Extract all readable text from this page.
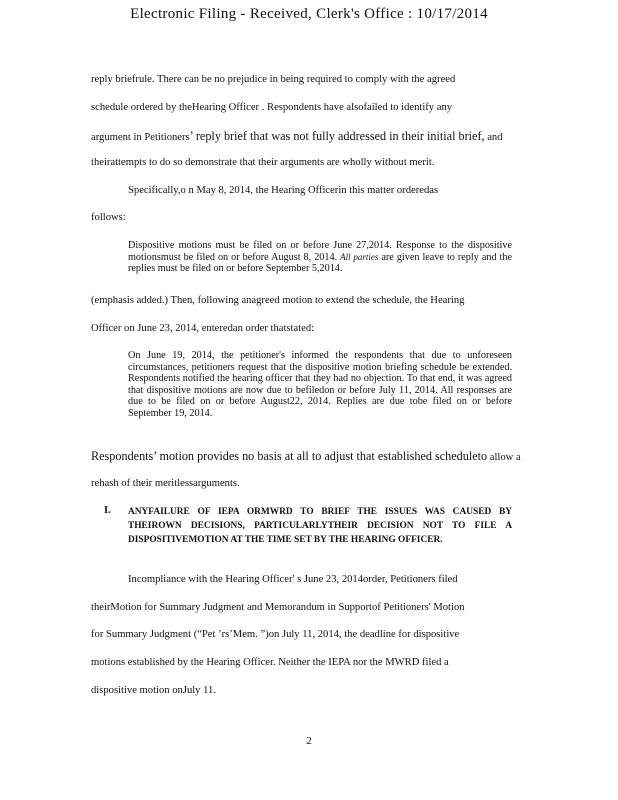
Electronic Filing - Received, Clerk's Office : 10/17/2014
reply briefrule. There can be no prejudice in being required to comply with the agreed
schedule ordered by theHearing Officer . Respondents have alsofailed to identify any
argument in Petitioners’ reply brief that was not fully addressed in their initial brief, and
theirattempts to do so demonstrate that their arguments are wholly without merit.
Specifically,o n May 8, 2014, the Hearing Officerin this matter orderedas
follows:
Dispositive motions must be filed on or before June 27,2014. Response to the dispositive motionsmust be filed on or before August 8, 2014. All parties are given leave to reply and the replies must be filed on or before September 5,2014.
(emphasis added.) Then, following anagreed motion to extend the schedule, the Hearing
Officer on June 23, 2014, enteredan order thatstated:
On June 19, 2014, the petitioner's informed the respondents that due to unforeseen circumstances, petitioners request that the dispositive motion briefing schedule be extended. Respondents notified the hearing officer that they had no objection. To that end, it was agreed that dispositive motions are now due to befiledon or before July 11, 2014. All responses are due to be filed on or before August22, 2014. Replies are due tobe filed on or before September 19, 2014.
Respondents’ motion provides no basis at all to adjust that established scheduleto allow a
rehash of their meritlessarguments.
I. ANYFAILURE OF IEPA ORMWRD TO BRIEF THE ISSUES WAS CAUSED BY THEIROWN DECISIONS, PARTICULARLYTHEIR DECISION NOT TO FILE A DISPOSITIVEMOTION AT THE TIME SET BY THE HEARING OFFICER.
Incompliance with the Hearing Officer' s June 23, 2014order, Petitioners filed
theirMotion for Summary Judgment and Memorandum in Supportof Petitioners' Motion
for Summary Judgment (“Pet ’rs’Mem. ”)on July 11, 2014, the deadline for dispositive
motions established by the Hearing Officer. Neither the IEPA nor the MWRD filed a
dispositive motion onJuly 11.
2
